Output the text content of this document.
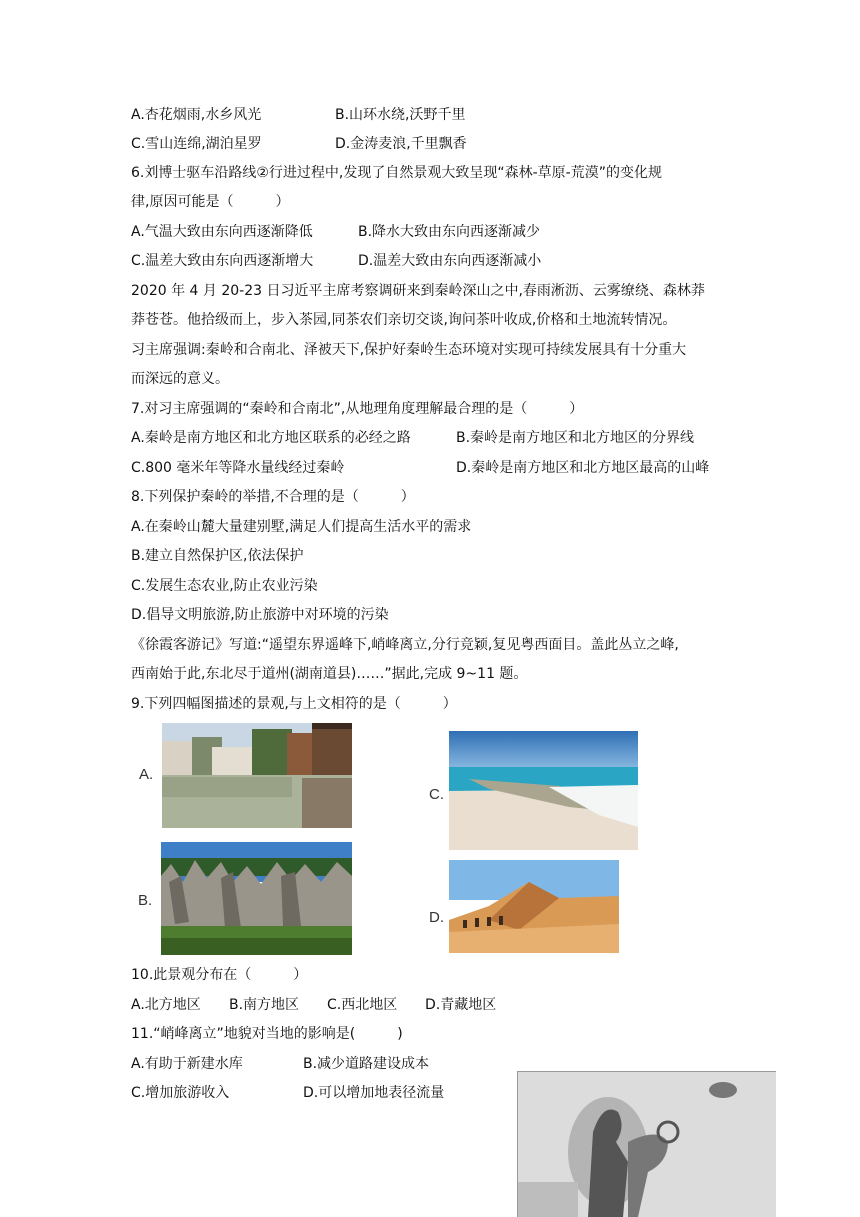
A.杏花烟雨,水乡风光	B.山环水绕,沃野千里
C.雪山连绵,湖泊星罗	D.金涛麦浪,千里飘香
6.刘博士驱车沿路线②行进过程中,发现了自然景观大致呈现“森林-草原-荒漠”的变化规
律,原因可能是（　　　）
A.气温大致由东向西逐渐降低	B.降水大致由东向西逐渐减少
C.温差大致由东向西逐渐增大	D.温差大致由东向西逐渐减小
2020 年 4 月 20-23 日习近平主席考察调研来到秦岭深山之中,春雨淅沥、云雾缭绕、森林莽
莽苍苍。他拾级而上，步入茶园,同茶农们亲切交谈,询问茶叶收成,价格和土地流转情况。
习主席强调:秦岭和合南北、泽被天下,保护好秦岭生态环境对实现可持续发展具有十分重大
而深远的意义。
7.对习主席强调的“秦岭和合南北”,从地理角度理解最合理的是（　　　）
A.秦岭是南方地区和北方地区联系的必经之路	B.秦岭是南方地区和北方地区的分界线
C.800 毫米年等降水量线经过秦岭	D.秦岭是南方地区和北方地区最高的山峰
8.下列保护秦岭的举措,不合理的是（　　　）
A.在秦岭山麓大量建别墅,满足人们提高生活水平的需求
B.建立自然保护区,依法保护
C.发展生态农业,防止农业污染
D.倡导文明旅游,防止旅游中对环境的污染
《徐霞客游记》写道:“遥望东界遥峰下,峭峰离立,分行竞颖,复见粤西面目。盖此丛立之峰,
西南始于此,东北尽于道州(湖南道县)……”据此,完成 9~11 题。
9.下列四幅图描述的景观,与上文相符的是（　　　）
A.
C.
B.
D.
10.此景观分布在（　　　）
A.北方地区 B.南方地区 C.西北地区 D.青藏地区
11.“峭峰离立”地貌对当地的影响是(　　　)
A.有助于新建水库	B.减少道路建设成本
C.增加旅游收入	D.可以增加地表径流量
